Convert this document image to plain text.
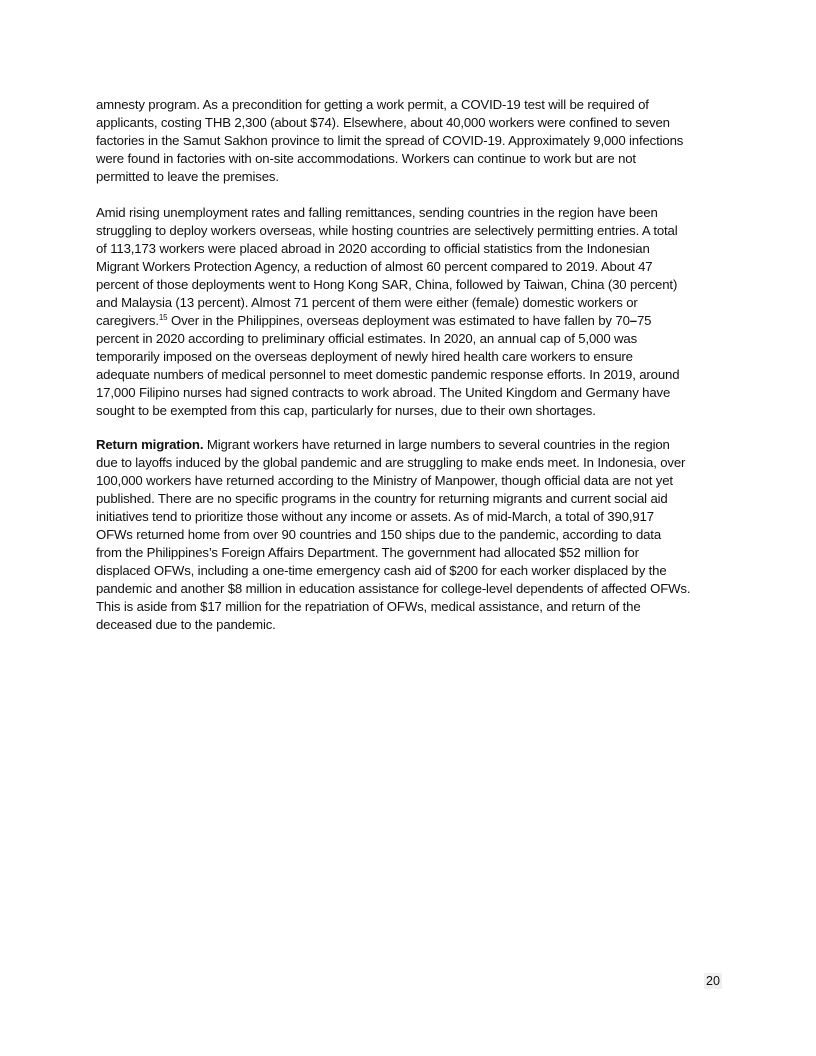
amnesty program. As a precondition for getting a work permit, a COVID-19 test will be required of
applicants, costing THB 2,300 (about $74). Elsewhere, about 40,000 workers were confined to seven
factories in the Samut Sakhon province to limit the spread of COVID-19. Approximately 9,000 infections
were found in factories with on-site accommodations. Workers can continue to work but are not
permitted to leave the premises.
Amid rising unemployment rates and falling remittances, sending countries in the region have been
struggling to deploy workers overseas, while hosting countries are selectively permitting entries. A total
of 113,173 workers were placed abroad in 2020 according to official statistics from the Indonesian
Migrant Workers Protection Agency, a reduction of almost 60 percent compared to 2019. About 47
percent of those deployments went to Hong Kong SAR, China, followed by Taiwan, China (30 percent)
and Malaysia (13 percent). Almost 71 percent of them were either (female) domestic workers or
caregivers.$^{15}$ Over in the Philippines, overseas deployment was estimated to have fallen by 70–75
percent in 2020 according to preliminary official estimates. In 2020, an annual cap of 5,000 was
temporarily imposed on the overseas deployment of newly hired health care workers to ensure
adequate numbers of medical personnel to meet domestic pandemic response efforts. In 2019, around
17,000 Filipino nurses had signed contracts to work abroad. The United Kingdom and Germany have
sought to be exempted from this cap, particularly for nurses, due to their own shortages.
Return migration. Migrant workers have returned in large numbers to several countries in the region
due to layoffs induced by the global pandemic and are struggling to make ends meet. In Indonesia, over
100,000 workers have returned according to the Ministry of Manpower, though official data are not yet
published. There are no specific programs in the country for returning migrants and current social aid
initiatives tend to prioritize those without any income or assets. As of mid-March, a total of 390,917
OFWs returned home from over 90 countries and 150 ships due to the pandemic, according to data
from the Philippines’s Foreign Affairs Department. The government had allocated $52 million for
displaced OFWs, including a one-time emergency cash aid of $200 for each worker displaced by the
pandemic and another $8 million in education assistance for college-level dependents of affected OFWs.
This is aside from $17 million for the repatriation of OFWs, medical assistance, and return of the
deceased due to the pandemic.
20
